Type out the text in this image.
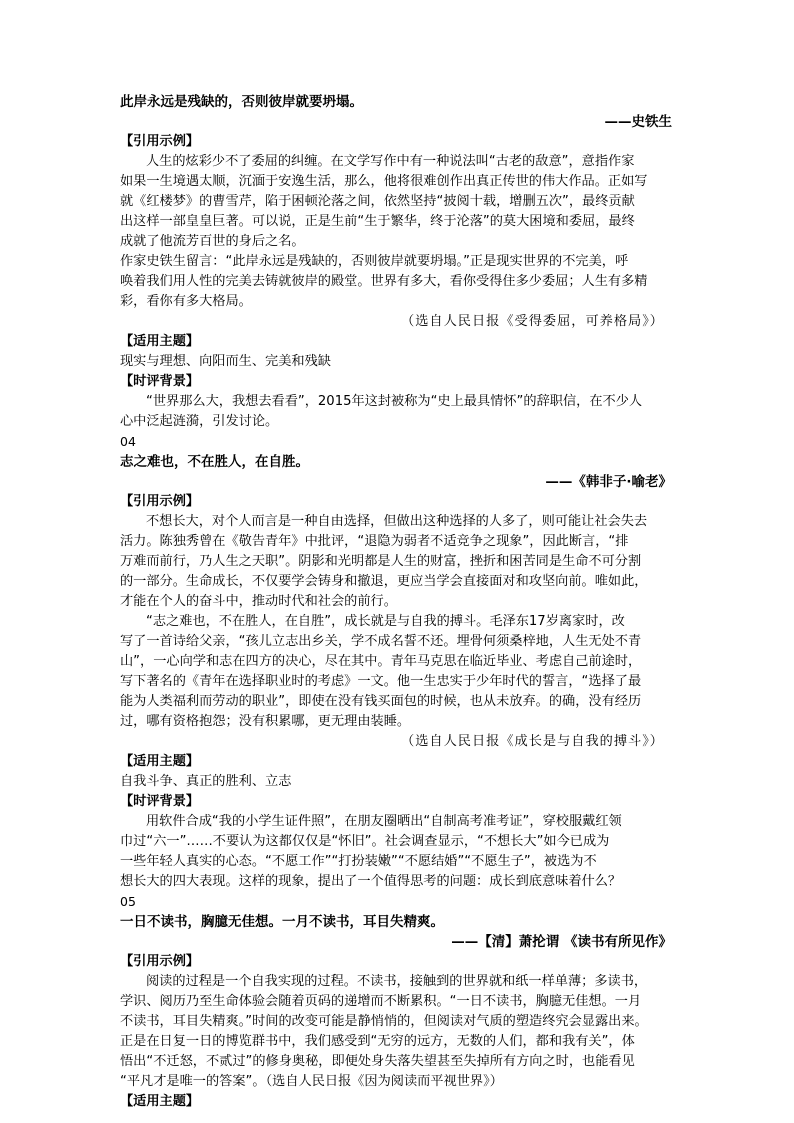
此岸永远是残缺的，否则彼岸就要坍塌。
——史铁生
【引用示例】
人生的炫彩少不了委屈的纠缠。在文学写作中有一种说法叫“古老的敌意”，意指作家
如果一生境遇太顺，沉湎于安逸生活，那么，他将很难创作出真正传世的伟大作品。正如写
就《红楼梦》的曹雪芹，陷于困顿沦落之间，依然坚持“披阅十载，增删五次”，最终贡献
出这样一部皇皇巨著。可以说，正是生前“生于繁华，终于沦落”的莫大困境和委屈，最终
成就了他流芳百世的身后之名。
作家史铁生留言：“此岸永远是残缺的，否则彼岸就要坍塌。”正是现实世界的不完美，呼
唤着我们用人性的完美去铸就彼岸的殿堂。世界有多大，看你受得住多少委屈；人生有多精
彩，看你有多大格局。
（选自人民日报《受得委屈，可养格局》）
【适用主题】
现实与理想、向阳而生、完美和残缺
【时评背景】
“世界那么大，我想去看看”，2015年这封被称为“史上最具情怀”的辞职信，在不少人
心中泛起涟漪，引发讨论。
04
志之难也，不在胜人，在自胜。
——《韩非子·喻老》
【引用示例】
不想长大，对个人而言是一种自由选择，但做出这种选择的人多了，则可能让社会失去
活力。陈独秀曾在《敬告青年》中批评，“退隐为弱者不适竞争之现象”，因此断言，“排
万难而前行，乃人生之天职”。阴影和光明都是人生的财富，挫折和困苦同是生命不可分割
的一部分。生命成长，不仅要学会铸身和撤退，更应当学会直接面对和攻坚向前。唯如此，
才能在个人的奋斗中，推动时代和社会的前行。
“志之难也，不在胜人，在自胜”，成长就是与自我的搏斗。毛泽东17岁离家时，改
写了一首诗给父亲，“孩儿立志出乡关，学不成名誓不还。埋骨何须桑梓地，人生无处不青
山”，一心向学和志在四方的决心，尽在其中。青年马克思在临近毕业、考虑自己前途时，
写下著名的《青年在选择职业时的考虑》一文。他一生忠实于少年时代的誓言，“选择了最
能为人类福利而劳动的职业”，即使在没有钱买面包的时候，也从未放弃。的确，没有经历
过，哪有资格抱怨；没有积累哪，更无理由装睡。
（选自人民日报《成长是与自我的搏斗》）
【适用主题】
自我斗争、真正的胜利、立志
【时评背景】
用软件合成“我的小学生证件照”，在朋友圈晒出“自制高考准考证”，穿校服戴红领
巾过“六一”……不要认为这都仅仅是“怀旧”。社会调查显示，“不想长大”如今已成为
一些年轻人真实的心态。“不愿工作”“打扮装嫩”“不愿结婚”“不愿生子”，被选为不
想长大的四大表现。这样的现象，提出了一个值得思考的问题：成长到底意味着什么？
05
一日不读书，胸臆无佳想。一月不读书，耳目失精爽。
——【清】萧抡谓 《读书有所见作》
【引用示例】
阅读的过程是一个自我实现的过程。不读书，接触到的世界就和纸一样单薄；多读书，
学识、阅历乃至生命体验会随着页码的递增而不断累积。“一日不读书，胸臆无佳想。一月
不读书，耳目失精爽。”时间的改变可能是静悄悄的，但阅读对气质的塑造终究会显露出来。
正是在日复一日的博览群书中，我们感受到“无穷的远方，无数的人们，都和我有关”，体
悟出“不迁怒，不贰过”的修身奥秘，即便处身失落失望甚至失掉所有方向之时，也能看见
“平凡才是唯一的答案”。（选自人民日报《因为阅读而平视世界》）
【适用主题】
